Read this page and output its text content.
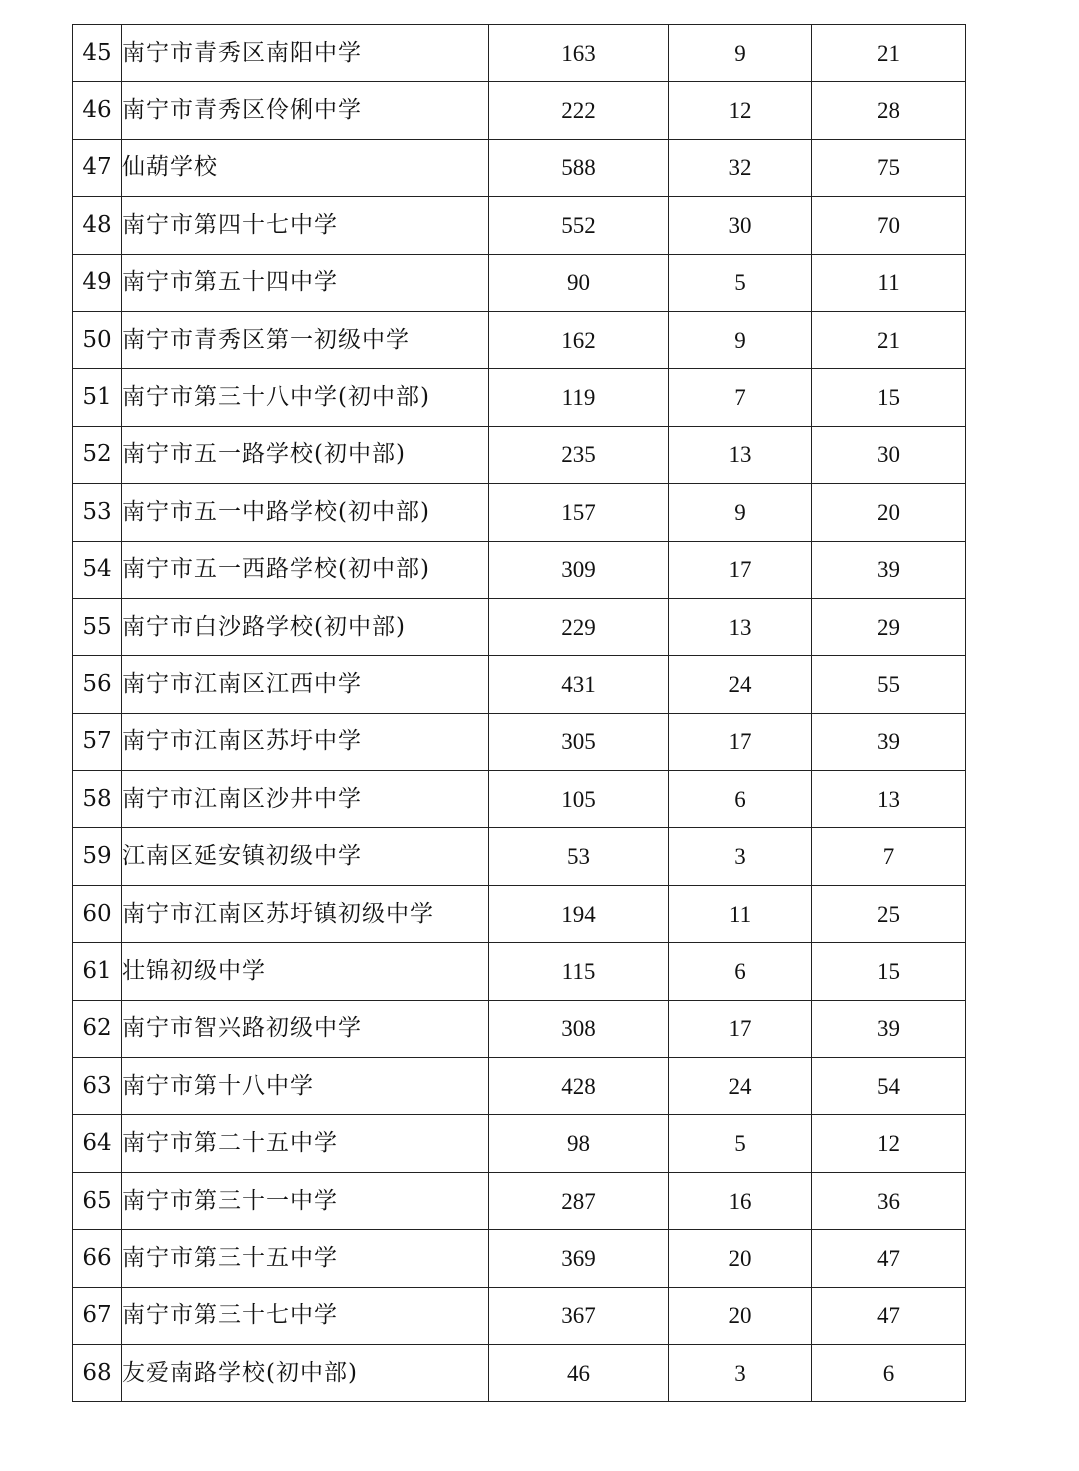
45	南宁市青秀区南阳中学	163	9	21
46	南宁市青秀区伶俐中学	222	12	28
47	仙葫学校	588	32	75
48	南宁市第四十七中学	552	30	70
49	南宁市第五十四中学	90	5	11
50	南宁市青秀区第一初级中学	162	9	21
51	南宁市第三十八中学(初中部)	119	7	15
52	南宁市五一路学校(初中部)	235	13	30
53	南宁市五一中路学校(初中部)	157	9	20
54	南宁市五一西路学校(初中部)	309	17	39
55	南宁市白沙路学校(初中部)	229	13	29
56	南宁市江南区江西中学	431	24	55
57	南宁市江南区苏圩中学	305	17	39
58	南宁市江南区沙井中学	105	6	13
59	江南区延安镇初级中学	53	3	7
60	南宁市江南区苏圩镇初级中学	194	11	25
61	壮锦初级中学	115	6	15
62	南宁市智兴路初级中学	308	17	39
63	南宁市第十八中学	428	24	54
64	南宁市第二十五中学	98	5	12
65	南宁市第三十一中学	287	16	36
66	南宁市第三十五中学	369	20	47
67	南宁市第三十七中学	367	20	47
68	友爱南路学校(初中部)	46	3	6
